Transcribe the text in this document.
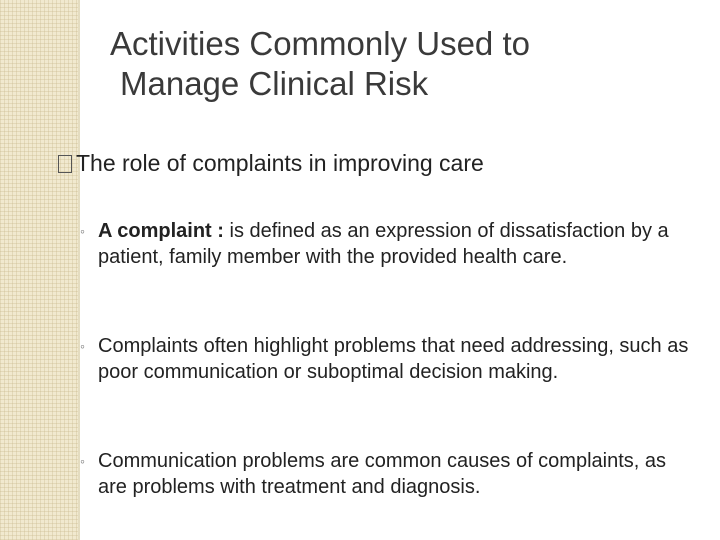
Activities Commonly Used to
Manage Clinical Risk
The role of complaints in improving care
◦ A complaint : is defined as an expression of dissatisfaction by a patient, family member with the provided health care.
◦ Complaints often highlight problems that need addressing, such as poor communication or suboptimal decision making.
◦ Communication problems are common causes of complaints, as are problems with treatment and diagnosis.
